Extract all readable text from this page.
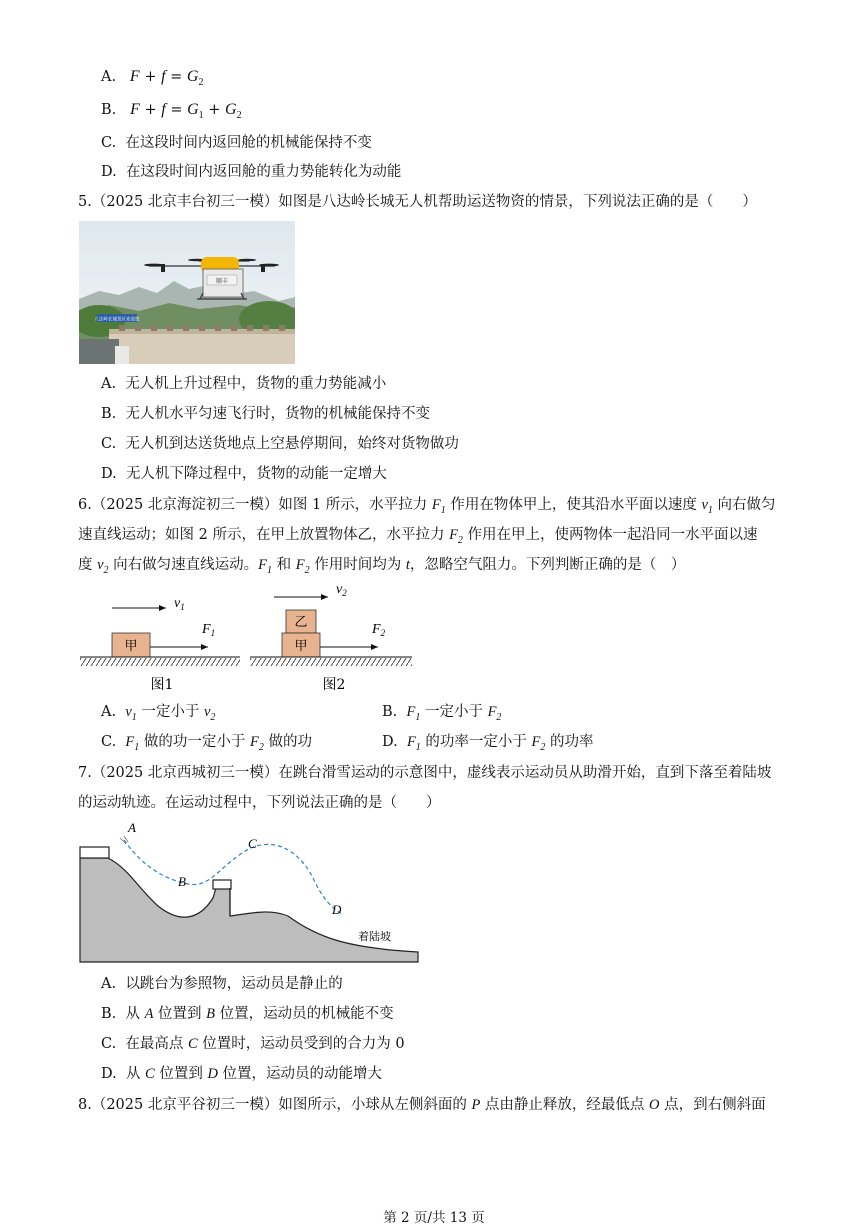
A. $F + f = G_2$
B. $F + f = G_1 + G_2$
C. 在这段时间内返回舱的机械能保持不变
D. 在这段时间内返回舱的重力势能转化为动能
5.（2025 北京丰台初三一模）如图是八达岭长城无人机帮助运送物资的情景，下列说法正确的是（　　）
八达岭长城景区欢迎您
顺丰
A. 无人机上升过程中，货物的重力势能减小
B. 无人机水平匀速飞行时，货物的机械能保持不变
C. 无人机到达送货地点上空悬停期间，始终对货物做功
D. 无人机下降过程中，货物的动能一定增大
6.（2025 北京海淀初三一模）如图 1 所示，水平拉力 $F_1$ 作用在物体甲上，使其沿水平面以速度 $v_1$ 向右做匀
速直线运动；如图 2 所示，在甲上放置物体乙，水平拉力 $F_2$ 作用在甲上，使两物体一起沿同一水平面以速
度 $v_2$ 向右做匀速直线运动。$F_1$ 和 $F_2$ 作用时间均为 t，忽略空气阻力。下列判断正确的是（　）
$v_1$
甲
$F_1$
图1
$v_2$
乙
甲
$F_2$
图2
A. $v_1$ 一定小于 $v_2$	B. $F_1$ 一定小于 $F_2$
C. $F_1$ 做的功一定小于 $F_2$ 做的功	D. $F_1$ 的功率一定小于 $F_2$ 的功率
7.（2025 北京西城初三一模）在跳台滑雪运动的示意图中，虚线表示运动员从助滑开始，直到下落至着陆坡
的运动轨迹。在运动过程中，下列说法正确的是（　　）
A
B
C
D
着陆坡
A. 以跳台为参照物，运动员是静止的
B. 从 A 位置到 B 位置，运动员的机械能不变
C. 在最高点 C 位置时，运动员受到的合力为 0
D. 从 C 位置到 D 位置，运动员的动能增大
8.（2025 北京平谷初三一模）如图所示，小球从左侧斜面的 P 点由静止释放，经最低点 O 点，到右侧斜面
第 2 页/共 13 页
